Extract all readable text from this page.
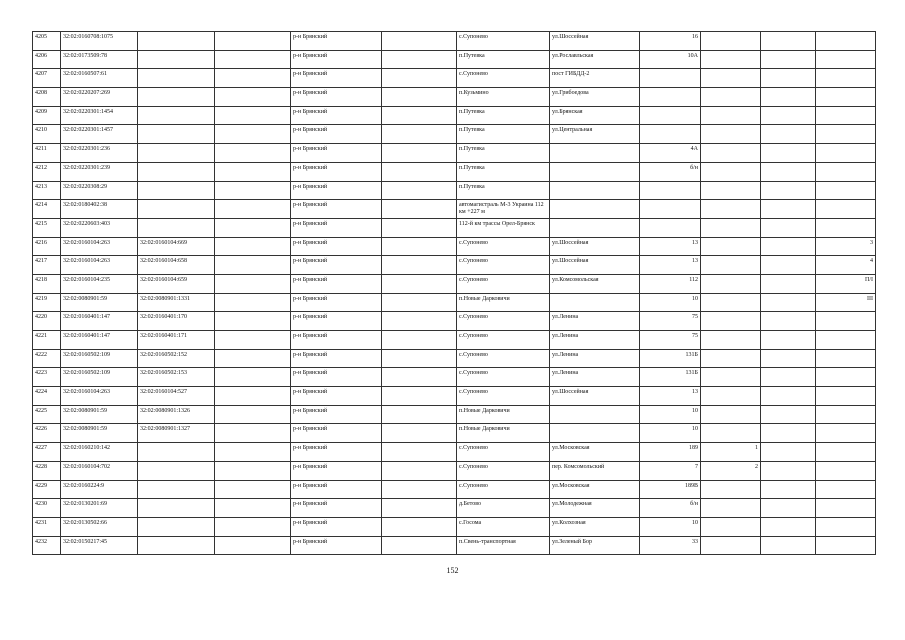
4205	32:02:0160708:1075			р-н Брянский		с.Супонево	ул.Шоссейная	16			

4206	32:02:0173509:78			р-н Брянский		п.Путевка	ул.Рославльская	10А			

4207	32:02:0160507:61			р-н Брянский		с.Супонево	пост ГИБДД-2				

4208	32:02:0220207:269			р-н Брянский		п.Кузьмино	ул.Грибоедова				

4209	32:02:0220301:1454			р-н Брянский		п.Путевка	ул.Брянская				

4210	32:02:0220301:1457			р-н Брянский		п.Путевка	ул.Центральная				

4211	32:02:0220301:236			р-н Брянский		п.Путевка		4А			

4212	32:02:0220301:239			р-н Брянский		п.Путевка		б/н			

4213	32:02:0220308:29			р-н Брянский		п.Путевка					

4214	32:02:0180402:38			р-н Брянский		автомагистраль М-3 Украина 112 км +227 м					

4215	32:02:0220603:403			р-н Брянский		112-й км трассы Орел-Брянск					

4216	32:02:0160104:263	32:02:0160104:669		р-н Брянский		с.Супонево	ул.Шоссейная	13			3

4217	32:02:0160104:263	32:02:0160104:658		р-н Брянский		с.Супонево	ул.Шоссейная	13			4

4218	32:02:0160104:235	32:02:0160104:659		р-н Брянский		с.Супонево	ул.Комсомольская	112			П/I

4219	32:02:0080901:59	32:02:0080901:1331		р-н Брянский		п.Новые Дарковичи		10			III

4220	32:02:0160401:147	32:02:0160401:170		р-н Брянский		с.Супонево	ул.Ленина	75			

4221	32:02:0160401:147	32:02:0160401:171		р-н Брянский		с.Супонево	ул.Ленина	75			

4222	32:02:0160502:109	32:02:0160502:152		р-н Брянский		с.Супонево	ул.Ленина	131Б			

4223	32:02:0160502:109	32:02:0160502:153		р-н Брянский		с.Супонево	ул.Ленина	131Б			

4224	32:02:0160104:263	32:02:0160104:527		р-н Брянский		с.Супонево	ул.Шоссейная	13			

4225	32:02:0080901:59	32:02:0080901:1326		р-н Брянский		п.Новые Дарковичи		10			

4226	32:02:0080901:59	32:02:0080901:1327		р-н Брянский		п.Новые Дарковичи		10			

4227	32:02:0160210:142			р-н Брянский		с.Супонево	ул.Московская	189	1		

4228	32:02:0160104:702			р-н Брянский		с.Супонево	пер. Комсомольский	7	2		

4229	32:02:0160224:9			р-н Брянский		с.Супонево	ул.Московская	189В			

4230	32:02:0130201:69			р-н Брянский		д.Бетово	ул.Молодежная	б/н			

4231	32:02:0130502:66			р-н Брянский		с.Госома	ул.Колхозная	10			

4232	32:02:0150217:45			р-н Брянский		п.Свень-транспортная	ул.Зеленый Бор	33			

152
